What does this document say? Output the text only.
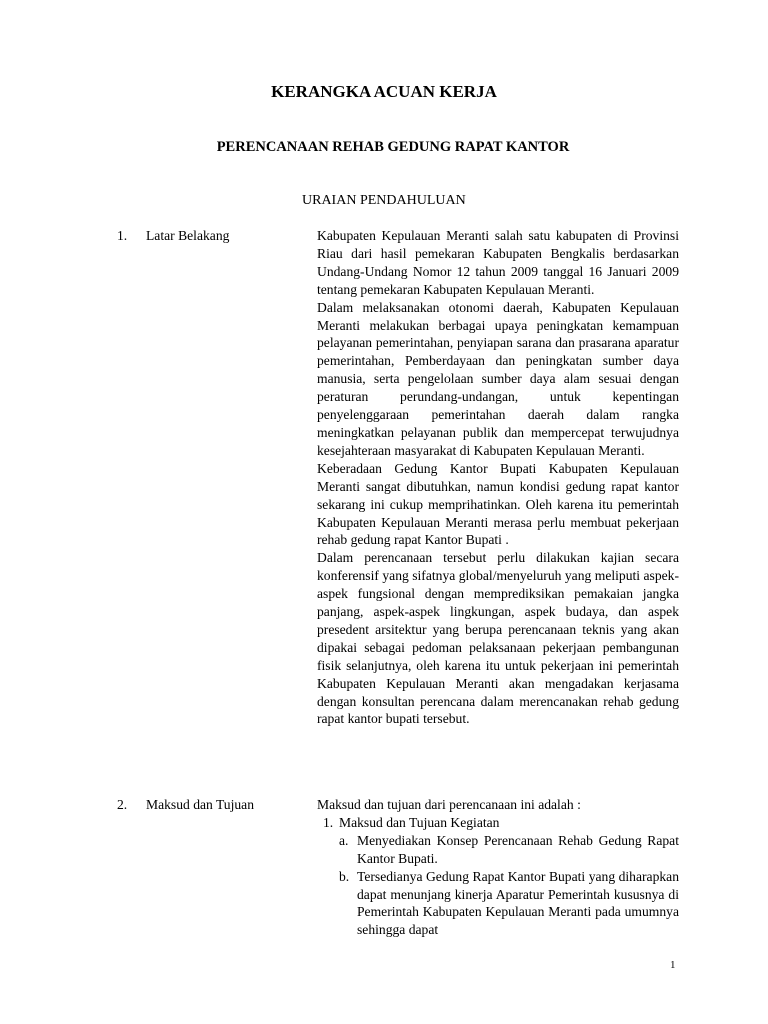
KERANGKA ACUAN KERJA
PERENCANAAN REHAB GEDUNG RAPAT KANTOR
URAIAN PENDAHULUAN
1. Latar Belakang	Kabupaten Kepulauan Meranti salah satu kabupaten di Provinsi Riau dari hasil pemekaran Kabupaten Bengkalis berdasarkan Undang-Undang Nomor 12 tahun 2009 tanggal 16 Januari 2009 tentang pemekaran Kabupaten Kepulauan Meranti.

Dalam melaksanakan otonomi daerah, Kabupaten Kepulauan Meranti melakukan berbagai upaya peningkatan kemampuan pelayanan pemerintahan, penyiapan sarana dan prasarana aparatur pemerintahan, Pemberdayaan dan peningkatan sumber daya manusia, serta pengelolaan sumber daya alam sesuai dengan peraturan perundang-undangan, untuk kepentingan penyelenggaraan pemerintahan daerah dalam rangka meningkatkan pelayanan publik dan mempercepat terwujudnya kesejahteraan masyarakat di Kabupaten Kepulauan Meranti.

Keberadaan Gedung Kantor Bupati Kabupaten Kepulauan Meranti sangat dibutuhkan, namun kondisi gedung rapat kantor sekarang ini cukup memprihatinkan. Oleh karena itu pemerintah Kabupaten Kepulauan Meranti merasa perlu membuat pekerjaan rehab gedung rapat Kantor Bupati .

Dalam perencanaan tersebut perlu dilakukan kajian secara konferensif yang sifatnya global/menyeluruh yang meliputi aspek-aspek fungsional dengan memprediksikan pemakaian jangka panjang, aspek-aspek lingkungan, aspek budaya, dan aspek presedent arsitektur yang berupa perencanaan teknis yang akan dipakai sebagai pedoman pelaksanaan pekerjaan pembangunan fisik selanjutnya, oleh karena itu untuk pekerjaan ini pemerintah Kabupaten Kepulauan Meranti akan mengadakan kerjasama dengan konsultan perencana dalam merencanakan rehab gedung rapat kantor bupati tersebut.

2. Maksud dan Tujuan	Maksud dan tujuan dari perencanaan ini adalah :

1. Maksud dan Tujuan Kegiatan

a. Menyediakan Konsep Perencanaan Rehab Gedung Rapat Kantor Bupati.
b. Tersedianya Gedung Rapat Kantor Bupati yang diharapkan dapat menunjang kinerja Aparatur Pemerintah kususnya di Pemerintah Kabupaten Kepulauan Meranti pada umumnya sehingga dapat
1
